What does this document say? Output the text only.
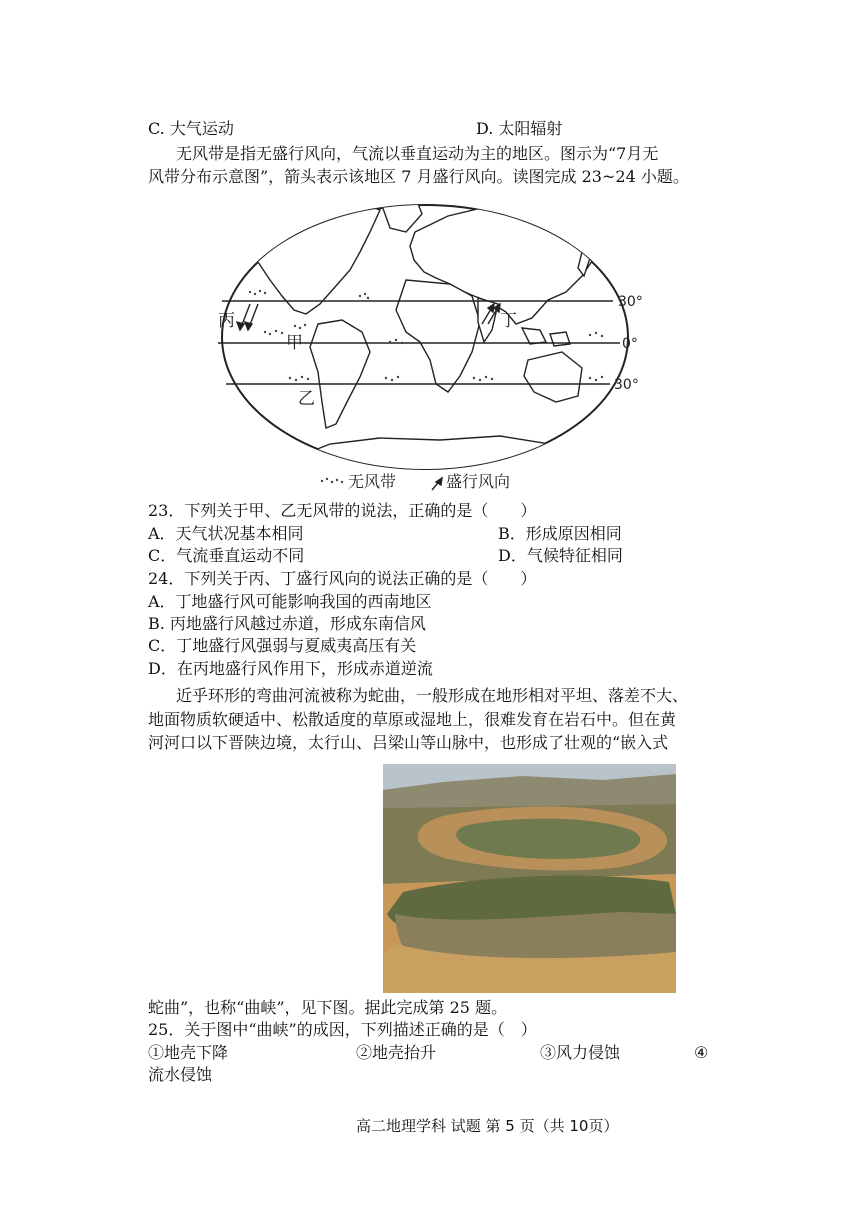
C. 大气运动	D. 太阳辐射
无风带是指无盛行风向，气流以垂直运动为主的地区。图示为“7月无
风带分布示意图”，箭头表示该地区 7 月盛行风向。读图完成 23~24 小题。
丙	丁
甲
乙
30°
0°
30°
无风带	盛行风向
23．下列关于甲、乙无风带的说法，正确的是（　　）
A．天气状况基本相同	B．形成原因相同
C．气流垂直运动不同	D．气候特征相同
24．下列关于丙、丁盛行风向的说法正确的是（　　）
A．丁地盛行风可能影响我国的西南地区
B. 丙地盛行风越过赤道，形成东南信风
C．丁地盛行风强弱与夏威夷高压有关
D．在丙地盛行风作用下，形成赤道逆流
近乎环形的弯曲河流被称为蛇曲，一般形成在地形相对平坦、落差不大、
地面物质软硬适中、松散适度的草原或湿地上，很难发育在岩石中。但在黄
河河口以下晋陕边境，太行山、吕梁山等山脉中，也形成了壮观的“嵌入式
蛇曲”，也称“曲峡”，见下图。据此完成第 25 题。
25．关于图中“曲峡”的成因，下列描述正确的是（　）
①地壳下降	②地壳抬升	③风力侵蚀	④
流水侵蚀
高二地理学科 试题 第 5 页（共 10页）
